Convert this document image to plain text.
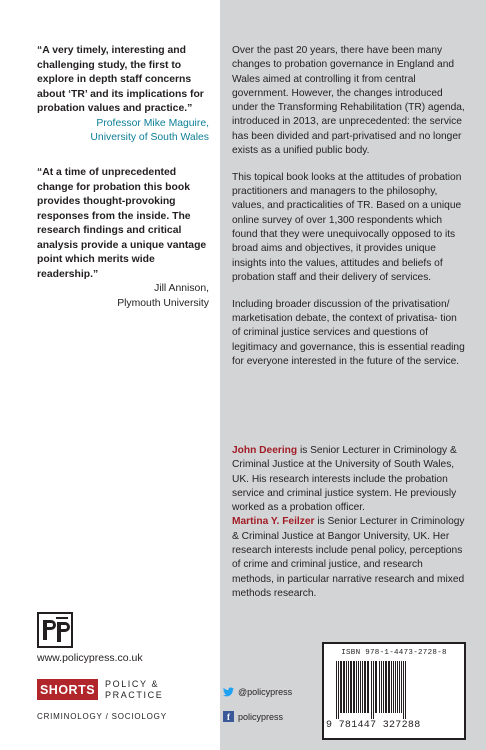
“A very timely, interesting and challenging study, the first to explore in depth staff concerns about ‘TR’ and its implications for probation values and practice.”
Professor Mike Maguire,
University of South Wales
“At a time of unprecedented change for probation this book provides thought-provoking responses from the inside. The research findings and critical analysis provide a unique vantage point which merits wide readership.”
Jill Annison,
Plymouth University

Over the past 20 years, there have been many changes to probation governance in England and Wales aimed at controlling it from central government. However, the changes introduced under the Transforming Rehabilitation (TR) agenda, introduced in 2013, are unprecedented: the service has been divided and part-privatised and no longer exists as a unified public body.

This topical book looks at the attitudes of probation practitioners and managers to the philosophy, values, and practicalities of TR. Based on a unique online survey of over 1,300 respondents which found that they were unequivocally opposed to its broad aims and objectives, it provides unique insights into the values, attitudes and beliefs of probation staff and their delivery of services.

Including broader discussion of the privatisation/ marketisation debate, the context of privatisa- tion of criminal justice services and questions of legitimacy and governance, this is essential reading for everyone interested in the future of the service.

John Deering is Senior Lecturer in Criminology & Criminal Justice at the University of South Wales, UK. His research interests include the probation service and criminal justice system. He previously worked as a probation officer.
Martina Y. Feilzer is Senior Lecturer in Criminology & Criminal Justice at Bangor University, UK. Her research interests include penal policy, perceptions of crime and criminal justice, and research methods, in particular narrative research and mixed methods research.
www.policypress.co.uk
SHORTS	POLICY &
PRACTICE
CRIMINOLOGY / SOCIOLOGY
@policypress
f policypress
ISBN 978-1-4473-2728-8
9 781447 327288
